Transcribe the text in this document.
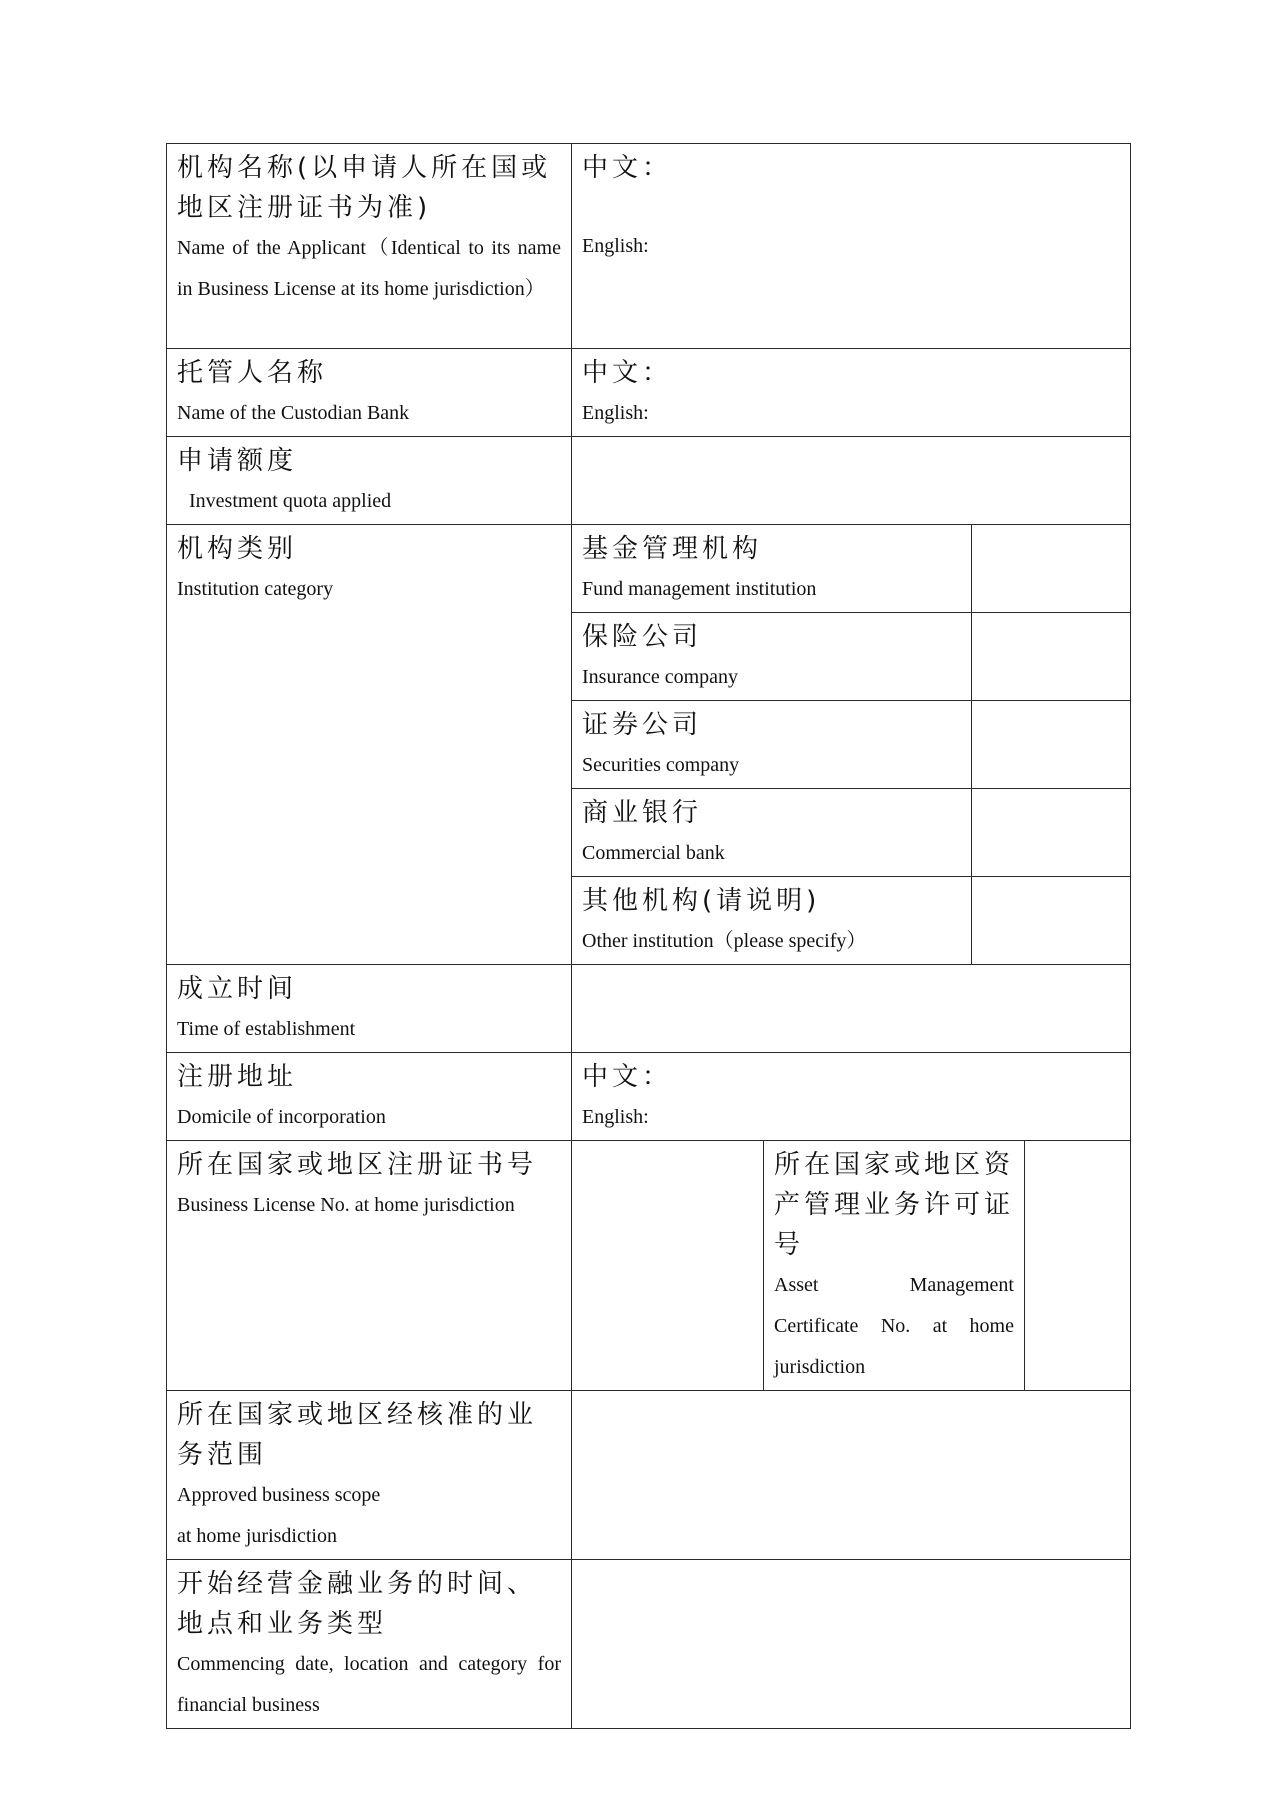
机构名称(以申请人所在国或地区注册证书为准)
Name of the Applicant（Identical to its name in Business License at its home jurisdiction）	中文：
English:			

托管人名称
Name of the Custodian Bank	中文：
English:			

申请额度
Investment quota applied				

机构类别
Institution category	基金管理机构
Fund management institution			

	保险公司
Insurance company			

	证券公司
Securities company			

	商业银行
Commercial bank			

	其他机构(请说明)
Other institution（please specify）			

成立时间
Time of establishment				

注册地址
Domicile of incorporation	中文：
English:			

所在国家或地区注册证书号
Business License No. at home jurisdiction		所在国家或地区资产管理业务许可证号
Asset Management Certificate No. at home jurisdiction		

所在国家或地区经核准的业务范围
Approved business scope
at home jurisdiction				

开始经营金融业务的时间、地点和业务类型
Commencing date, location and category for financial business				
